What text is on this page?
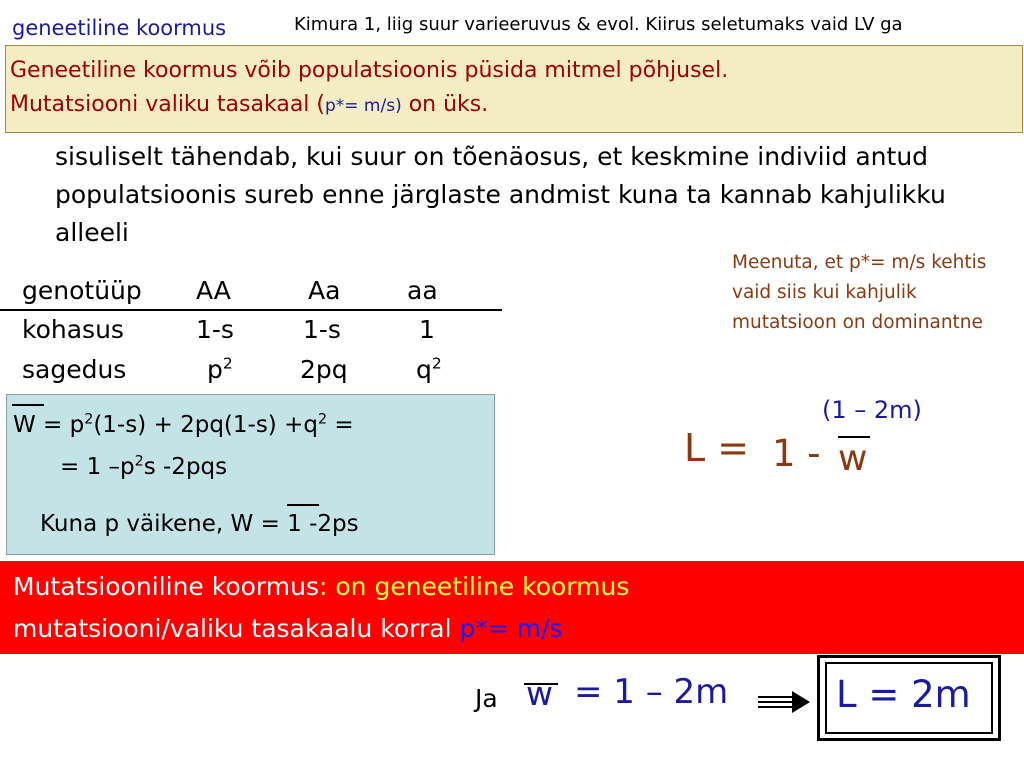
geneetiline koormus	Kimura 1, liig suur varieeruvus & evol. Kiirus seletumaks vaid LV ga
Geneetiline koormus võib populatsioonis püsida mitmel põhjusel.
Mutatsiooni valiku tasakaal (p*= m/s) on üks.
sisuliselt tähendab, kui suur on tõenäosus, et keskmine indiviid antud populatsioonis sureb enne järglaste andmist kuna ta kannab kahjulikku alleeli
Meenuta, et p*= m/s kehtis vaid siis kui kahjulik mutatsioon on dominantne
genotüüp AA	Aa	aa
kohasus	1-s	1-s	1
sagedus	$p^2$	2pq	$q^2$
$W = p^2(1-s) + 2pq(1-s) +q^2$ =
= 1 $-p^2s$ -2pqs
Kuna p väikene, W = 1 -2ps
(1 – 2m)
L = 1 - w
Mutatsiooniline koormus: on geneetiline koormus
mutatsiooni/valiku tasakaalu korral p*= m/s
Ja w = 1 – 2m	L = 2m
